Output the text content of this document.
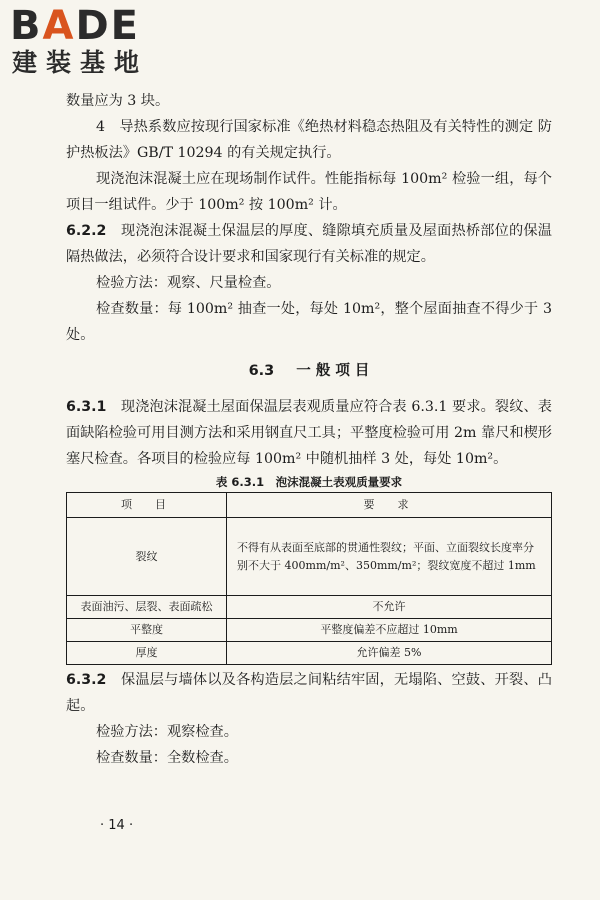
BADE
建装基地

数量应为 3 块。

4　导热系数应按现行国家标准《绝热材料稳态热阻及有关特性的测定 防护热板法》GB/T 10294 的有关规定执行。

现浇泡沫混凝土应在现场制作试件。性能指标每 100m² 检验一组，每个项目一组试件。少于 100m² 按 100m² 计。

6.2.2　 现浇泡沫混凝土保温层的厚度、缝隙填充质量及屋面热桥部位的保温隔热做法，必须符合设计要求和国家现行有关标准的规定。

检验方法：观察、尺量检查。

检查数量：每 100m² 抽查一处，每处 10m²，整个屋面抽查不得少于 3 处。

6.3 一 般 项 目

6.3.1　 现浇泡沫混凝土屋面保温层表观质量应符合表 6.3.1 要求。裂纹、表面缺陷检验可用目测方法和采用钢直尺工具；平整度检验可用 2m 靠尺和楔形塞尺检查。各项目的检验应每 100m² 中随机抽样 3 处，每处 10m²。

表 6.3.1　泡沫混凝土表观质量要求
项　目	要　求
裂纹	不得有从表面至底部的贯通性裂纹；平面、立面裂纹长度率分别不大于 400mm/m²、350mm/m²；裂纹宽度不超过 1mm
表面油污、层裂、表面疏松	不允许
平整度	平整度偏差不应超过 10mm
厚度	允许偏差 5%

6.3.2　 保温层与墙体以及各构造层之间粘结牢固，无塌陷、空鼓、开裂、凸起。

检验方法：观察检查。

检查数量：全数检查。

· 14 ·
